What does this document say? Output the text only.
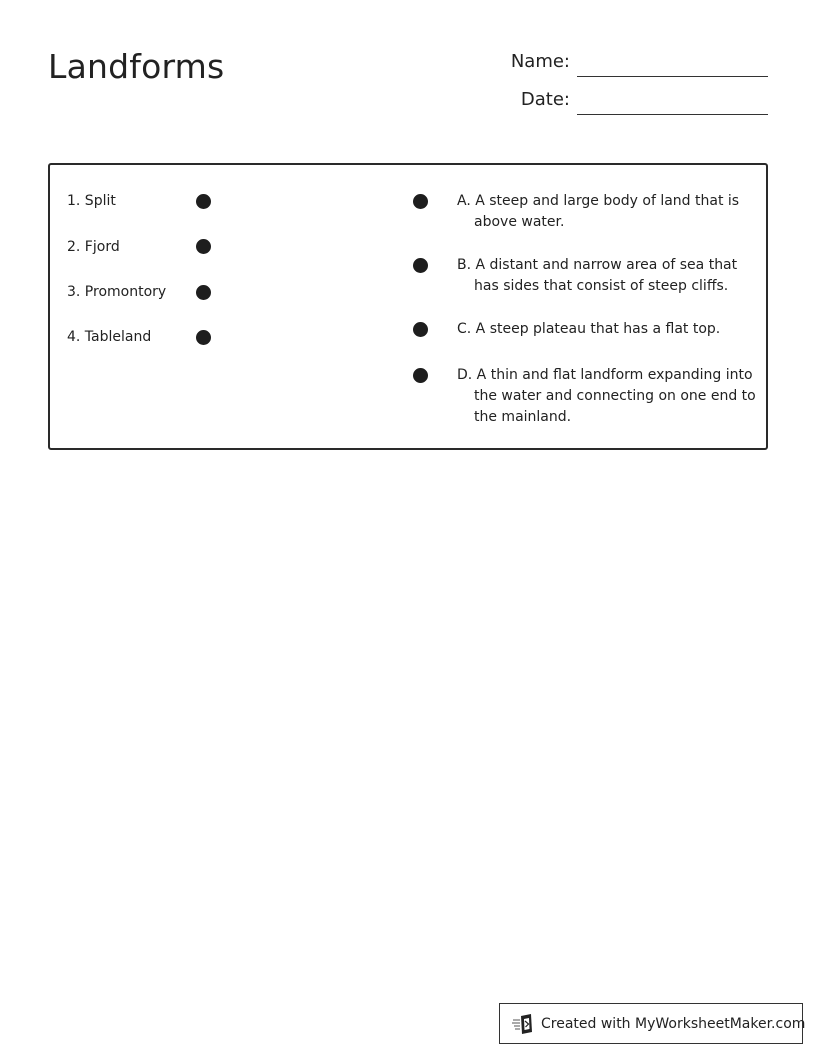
Landforms	Name:
Date:
1. Split
2. Fjord
3. Promontory
4. Tableland
A. A steep and large body of land that is
above water.
B. A distant and narrow area of sea that
has sides that consist of steep cliffs.
C. A steep plateau that has a flat top.
D. A thin and flat landform expanding into
the water and connecting on one end to
the mainland.
Created with MyWorksheetMaker.com
